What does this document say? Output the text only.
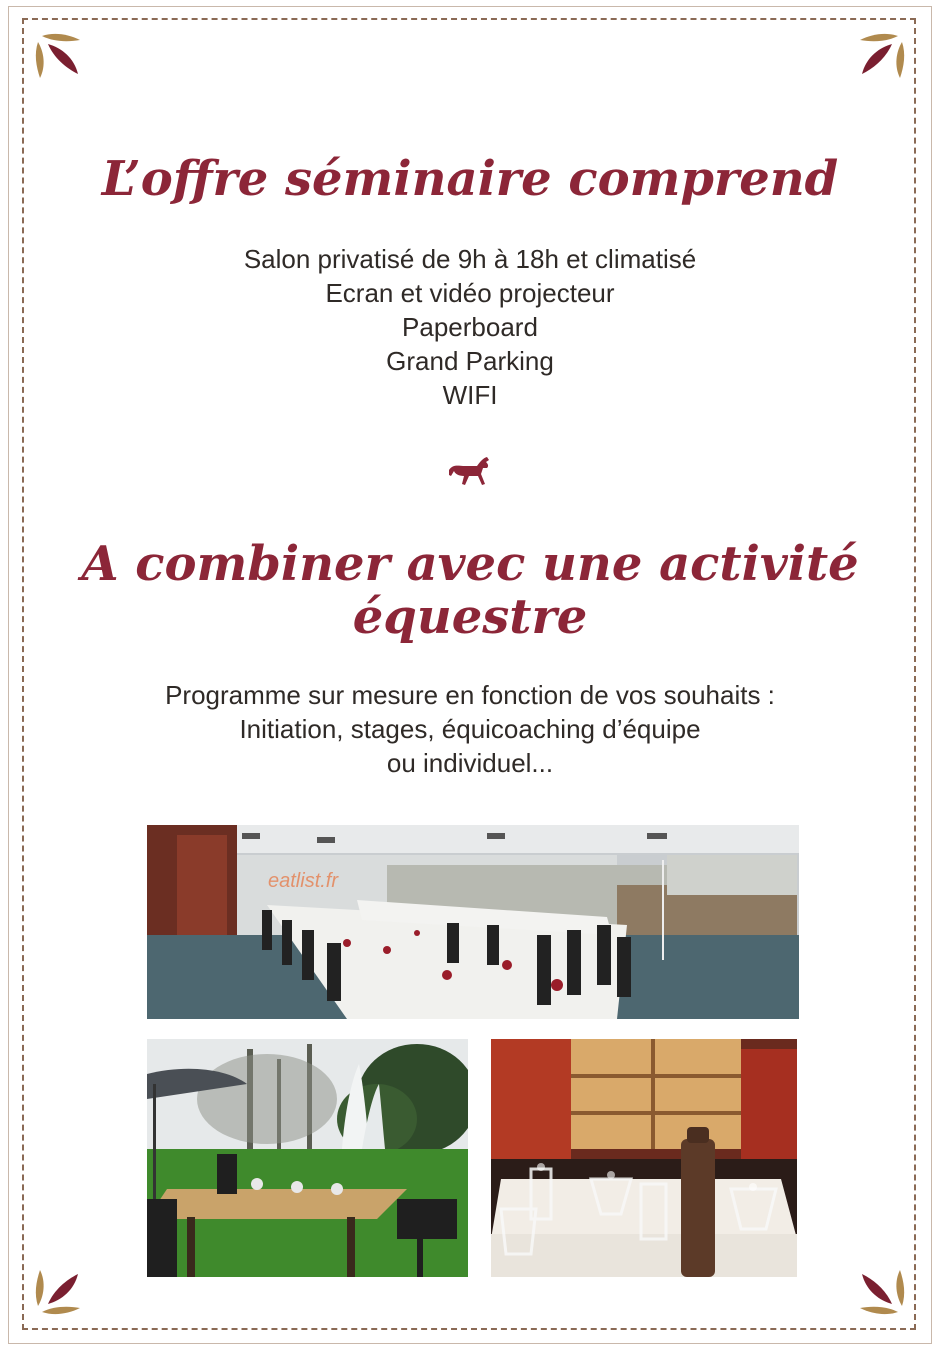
L’offre séminaire comprend
Salon privatisé de 9h à 18h et climatisé
Ecran et vidéo projecteur
Paperboard
Grand Parking
WIFI
A combiner avec une activité
équestre
Programme sur mesure en fonction de vos souhaits :
Initiation, stages, équicoaching d’équipe
ou individuel...
eatlist.fr
